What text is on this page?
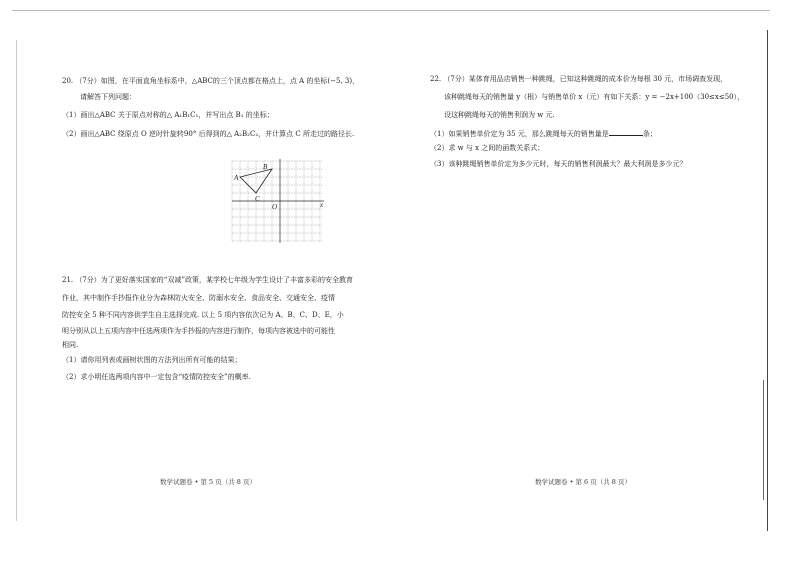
20. （7分）如图，在平面直角坐标系中，△ABC的三个顶点都在格点上，点 A 的坐标(−5, 3)，
请解答下列问题：
（1）画出△ABC 关于原点对称的△ A₁B₁C₁，并写出点 B₁ 的坐标；
（2）画出△ABC 绕原点 O 逆时针旋转90° 后得到的△ A₂B₂C₂，并计算点 C 所走过的路径长.
A
B
C
O	x
21. （7分）为了更好落实国家的“双减”政策，某学校七年级为学生设计了丰富多彩的安全教育
作业，其中制作手抄报作业分为森林防火安全、防溺水安全、食品安全、交通安全、疫情
防控安全 5 种不同内容供学生自主选择完成. 以上 5 项内容依次记为 A、B、C、D、E，小
明分别从以上五项内容中任选两项作为手抄报的内容进行制作，每项内容被选中的可能性
相同.
（1）请你用列表或画树状图的方法列出所有可能的结果；
（2）求小明任选两项内容中一定包含“疫情防控安全”的概率.
数学试题卷 • 第 5 页（共 8 页）
22. （7分）某体育用品店销售一种跳绳，已知这种跳绳的成本价为每根 30 元，市场调查发现，
该种跳绳每天的销售量 y（根）与销售单价 x（元）有如下关系：y = −2x+100（30≤x≤50），
设这种跳绳每天的销售利润为 w 元.
（1）如果销售单价定为 35 元，那么跳绳每天的销售量是	条；
（2）求 w 与 x 之间的函数关系式；
（3）该种跳绳销售单价定为多少元时，每天的销售利润最大？最大利润是多少元？
数学试题卷 • 第 6 页（共 8 页）
